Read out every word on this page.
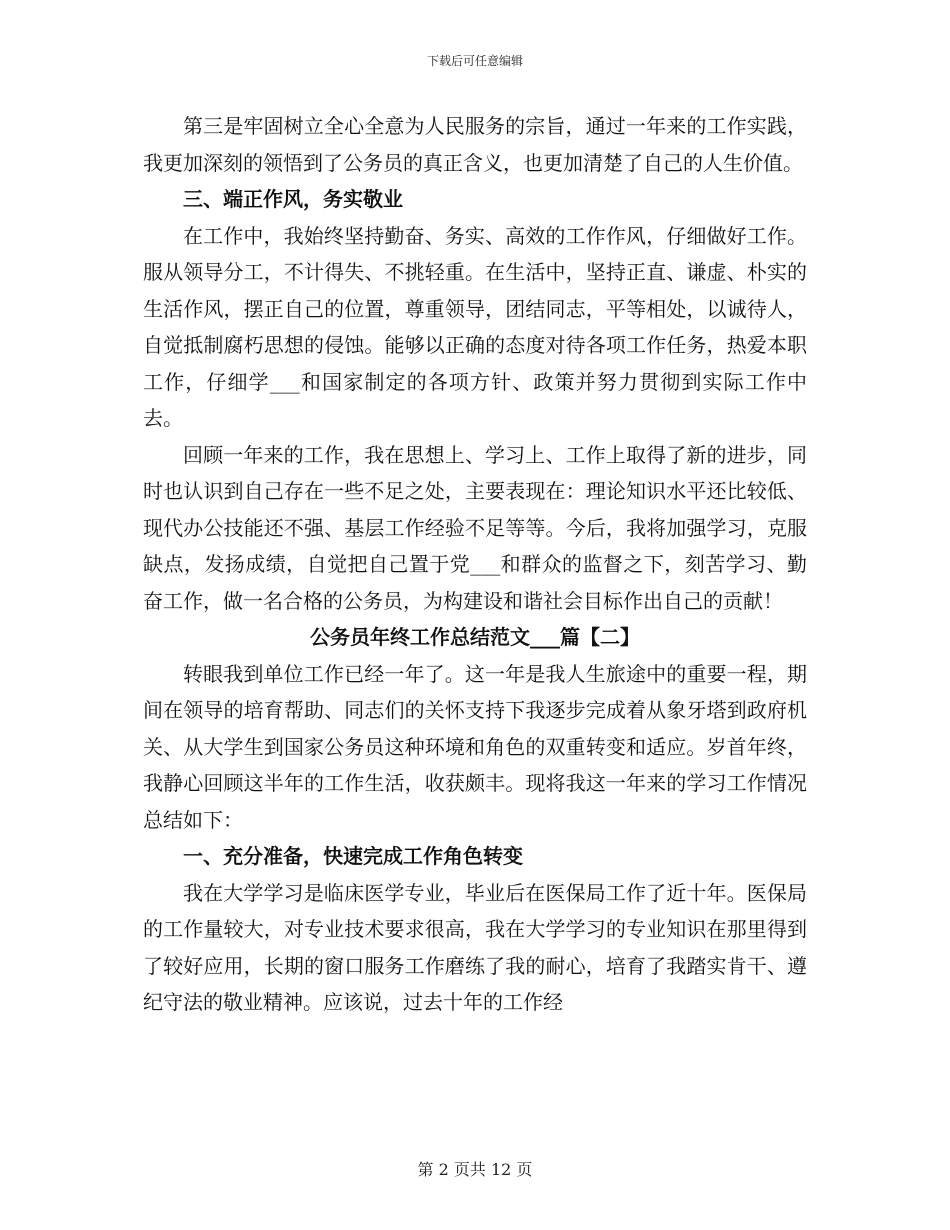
下载后可任意编辑

第三是牢固树立全心全意为人民服务的宗旨，通过一年来的工作实践，我更加深刻的领悟到了公务员的真正含义，也更加清楚了自己的人生价值。

三、端正作风，务实敬业

在工作中，我始终坚持勤奋、务实、高效的工作作风，仔细做好工作。服从领导分工，不计得失、不挑轻重。在生活中，坚持正直、谦虚、朴实的生活作风，摆正自己的位置，尊重领导，团结同志，平等相处，以诚待人，自觉抵制腐朽思想的侵蚀。能够以正确的态度对待各项工作任务，热爱本职工作，仔细学___和国家制定的各项方针、政策并努力贯彻到实际工作中去。

回顾一年来的工作，我在思想上、学习上、工作上取得了新的进步，同时也认识到自己存在一些不足之处，主要表现在：理论知识水平还比较低、现代办公技能还不强、基层工作经验不足等等。今后，我将加强学习，克服缺点，发扬成绩，自觉把自己置于党___和群众的监督之下，刻苦学习、勤奋工作，做一名合格的公务员，为构建设和谐社会目标作出自己的贡献！

公务员年终工作总结范文___篇【二】

转眼我到单位工作已经一年了。这一年是我人生旅途中的重要一程，期间在领导的培育帮助、同志们的关怀支持下我逐步完成着从象牙塔到政府机关、从大学生到国家公务员这种环境和角色的双重转变和适应。岁首年终，我静心回顾这半年的工作生活，收获颇丰。现将我这一年来的学习工作情况总结如下：

一、充分准备，快速完成工作角色转变

我在大学学习是临床医学专业，毕业后在医保局工作了近十年。医保局的工作量较大，对专业技术要求很高，我在大学学习的专业知识在那里得到了较好应用，长期的窗口服务工作磨练了我的耐心，培育了我踏实肯干、遵纪守法的敬业精神。应该说，过去十年的工作经

第 2 页共 12 页
